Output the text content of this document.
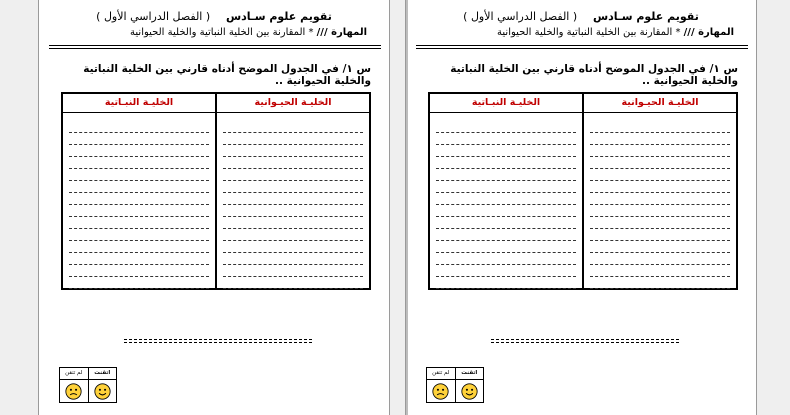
تقويم علوم سـادس ( الفصل الدراسي الأول )
المهارة /// * المقارنة بين الخلية النباتية والخلية الحيوانية
س ١/ في الجدول الموضح أدناه قارني بين الخلية النباتية والخلية الحيوانية ..
الخليـة الحيـوانية
الخليـة النبـاتية
اتقنت
لم تتقن
تقويم علوم سـادس ( الفصل الدراسي الأول )
المهارة /// * المقارنة بين الخلية النباتية والخلية الحيوانية
س ١/ في الجدول الموضح أدناه قارني بين الخلية النباتية والخلية الحيوانية ..
الخليـة الحيـوانية
الخليـة النبـاتية
اتقنت
لم تتقن
